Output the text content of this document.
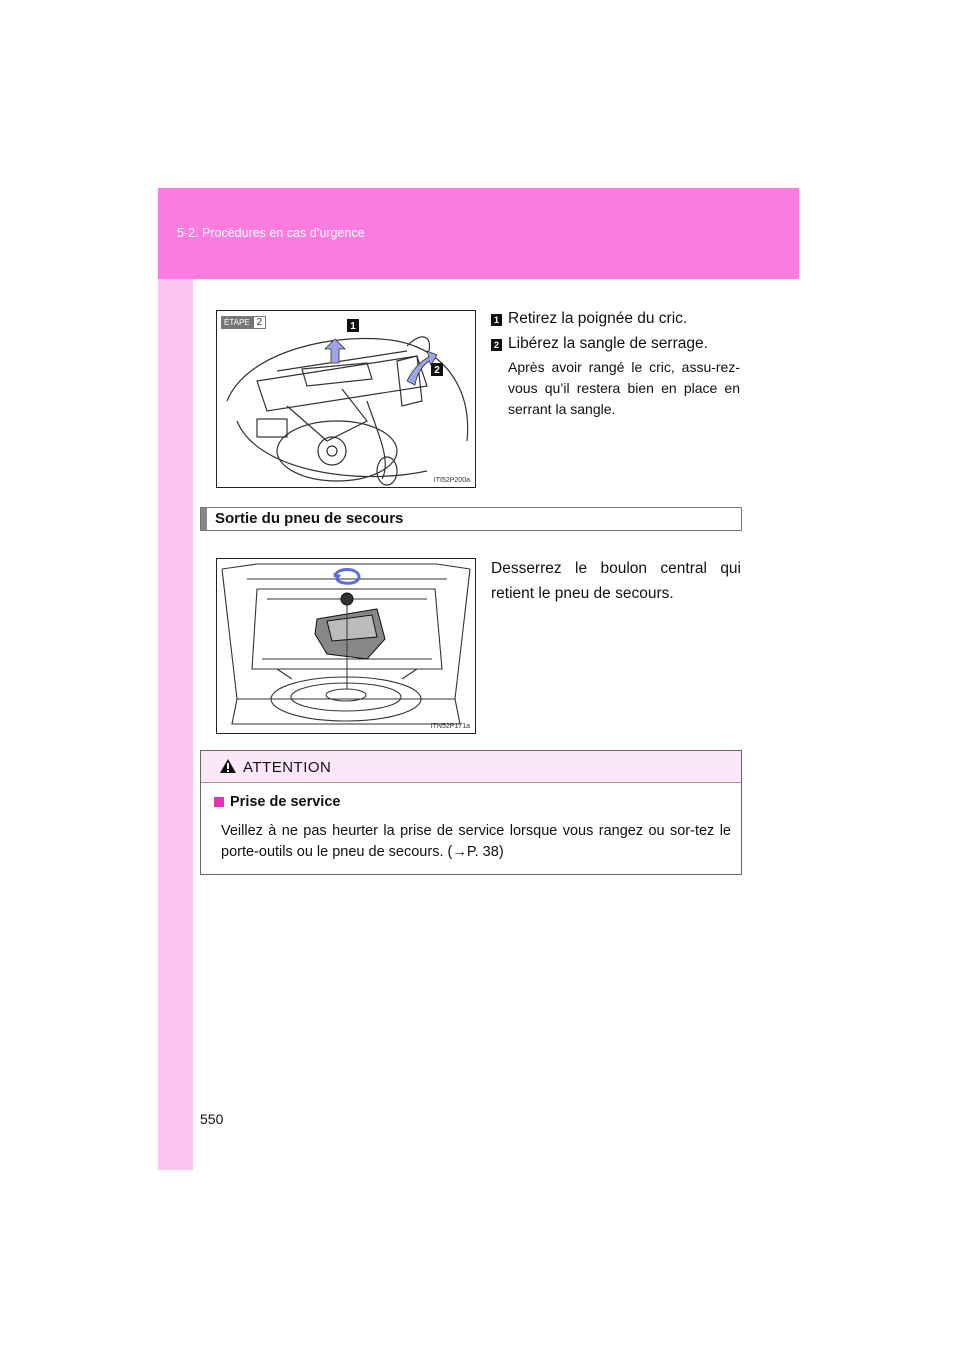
5-2. Procédures en cas d’urgence
1
2
ÉTAPE 2
ITI52P200a
1 Retirez la poignée du cric.
2 Libérez la sangle de serrage.
Après avoir rangé le cric, assu-rez-vous qu’il restera bien en place en serrant la sangle.
Sortie du pneu de secours
ITN52P171a
Desserrez le boulon central qui retient le pneu de secours.
ATTENTION
Prise de service
Veillez à ne pas heurter la prise de service lorsque vous rangez ou sor-tez le porte-outils ou le pneu de secours. (→P. 38)
550
